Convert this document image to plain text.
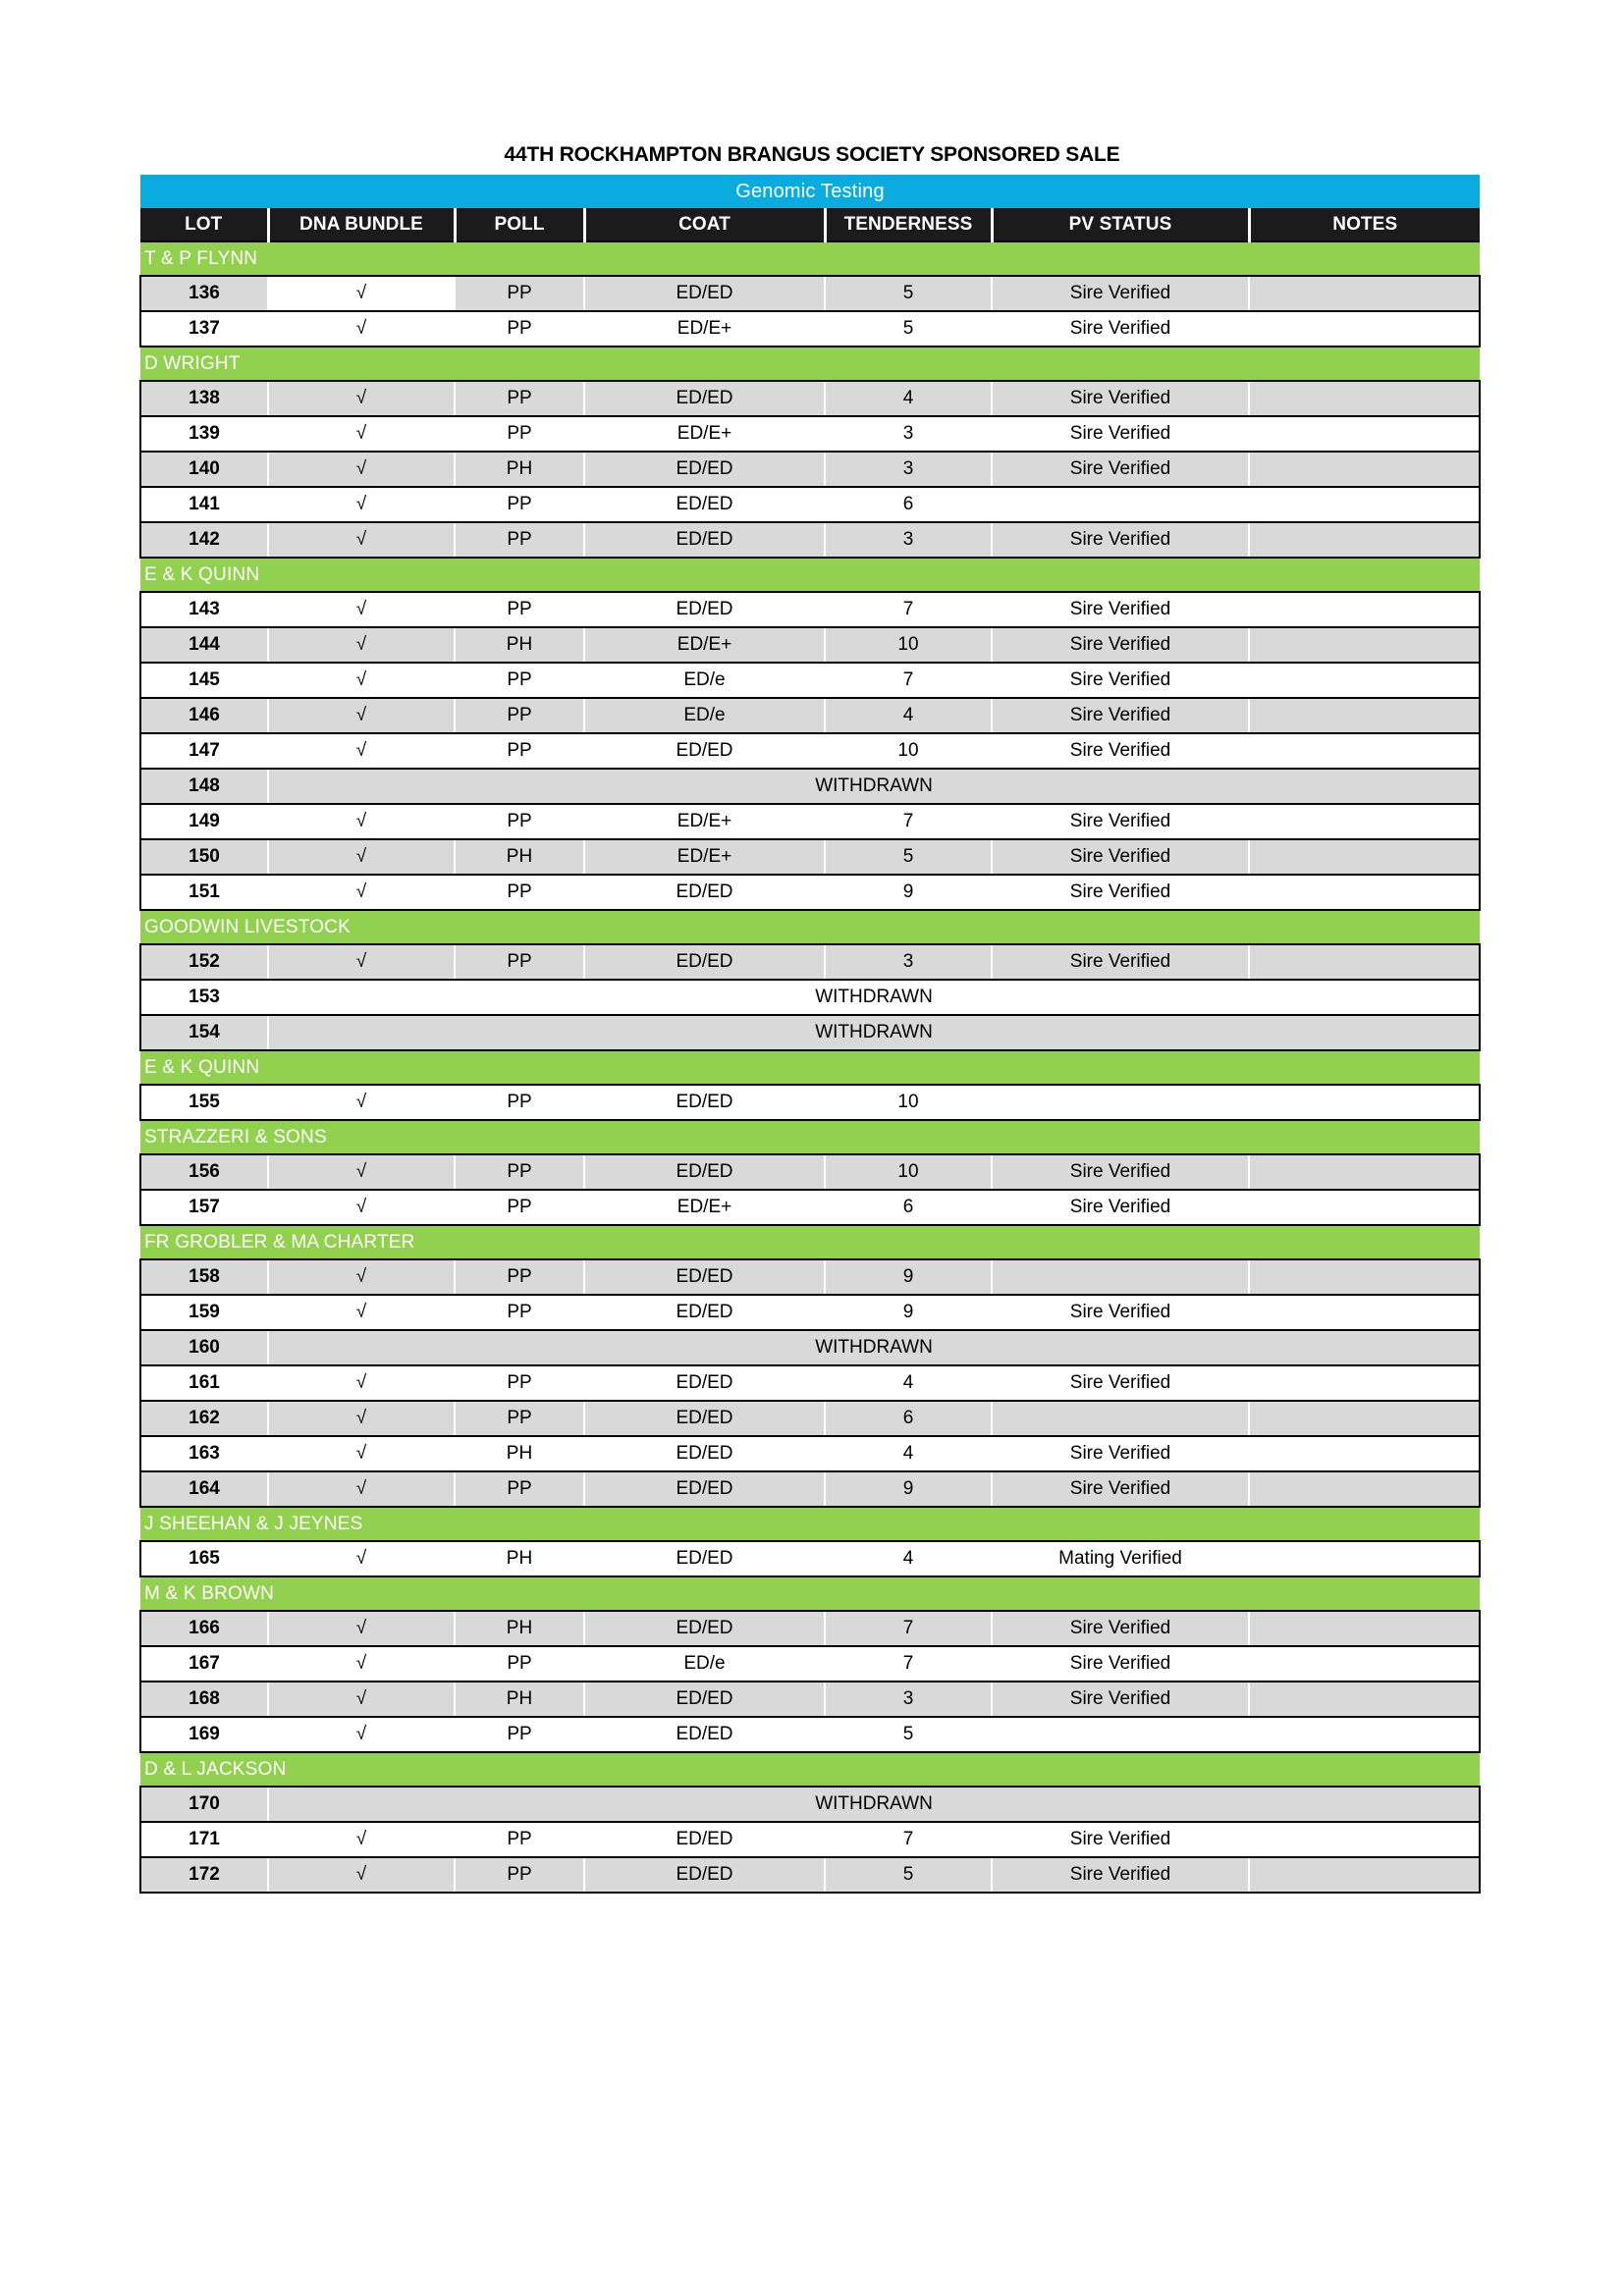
44TH ROCKHAMPTON BRANGUS SOCIETY SPONSORED SALE
Genomic Testing						
LOT	DNA BUNDLE	POLL	COAT	TENDERNESS	PV STATUS	NOTES
T & P FLYNN						
136	√	PP	ED/ED	5	Sire Verified	
137	√	PP	ED/E+	5	Sire Verified	
D WRIGHT						
138	√	PP	ED/ED	4	Sire Verified	
139	√	PP	ED/E+	3	Sire Verified	
140	√	PH	ED/ED	3	Sire Verified	
141	√	PP	ED/ED	6		
142	√	PP	ED/ED	3	Sire Verified	
E & K QUINN						
143	√	PP	ED/ED	7	Sire Verified	
144	√	PH	ED/E+	10	Sire Verified	
145	√	PP	ED/e	7	Sire Verified	
146	√	PP	ED/e	4	Sire Verified	
147	√	PP	ED/ED	10	Sire Verified	
148	WITHDRAWN					
149	√	PP	ED/E+	7	Sire Verified	
150	√	PH	ED/E+	5	Sire Verified	
151	√	PP	ED/ED	9	Sire Verified	
GOODWIN LIVESTOCK						
152	√	PP	ED/ED	3	Sire Verified	
153	WITHDRAWN					
154	WITHDRAWN					
E & K QUINN						
155	√	PP	ED/ED	10		
STRAZZERI & SONS						
156	√	PP	ED/ED	10	Sire Verified	
157	√	PP	ED/E+	6	Sire Verified	
FR GROBLER & MA CHARTER						
158	√	PP	ED/ED	9		
159	√	PP	ED/ED	9	Sire Verified	
160	WITHDRAWN					
161	√	PP	ED/ED	4	Sire Verified	
162	√	PP	ED/ED	6		
163	√	PH	ED/ED	4	Sire Verified	
164	√	PP	ED/ED	9	Sire Verified	
J SHEEHAN & J JEYNES						
165	√	PH	ED/ED	4	Mating Verified	
M & K BROWN						
166	√	PH	ED/ED	7	Sire Verified	
167	√	PP	ED/e	7	Sire Verified	
168	√	PH	ED/ED	3	Sire Verified	
169	√	PP	ED/ED	5		
D & L JACKSON						
170	WITHDRAWN					
171	√	PP	ED/ED	7	Sire Verified	
172	√	PP	ED/ED	5	Sire Verified	
